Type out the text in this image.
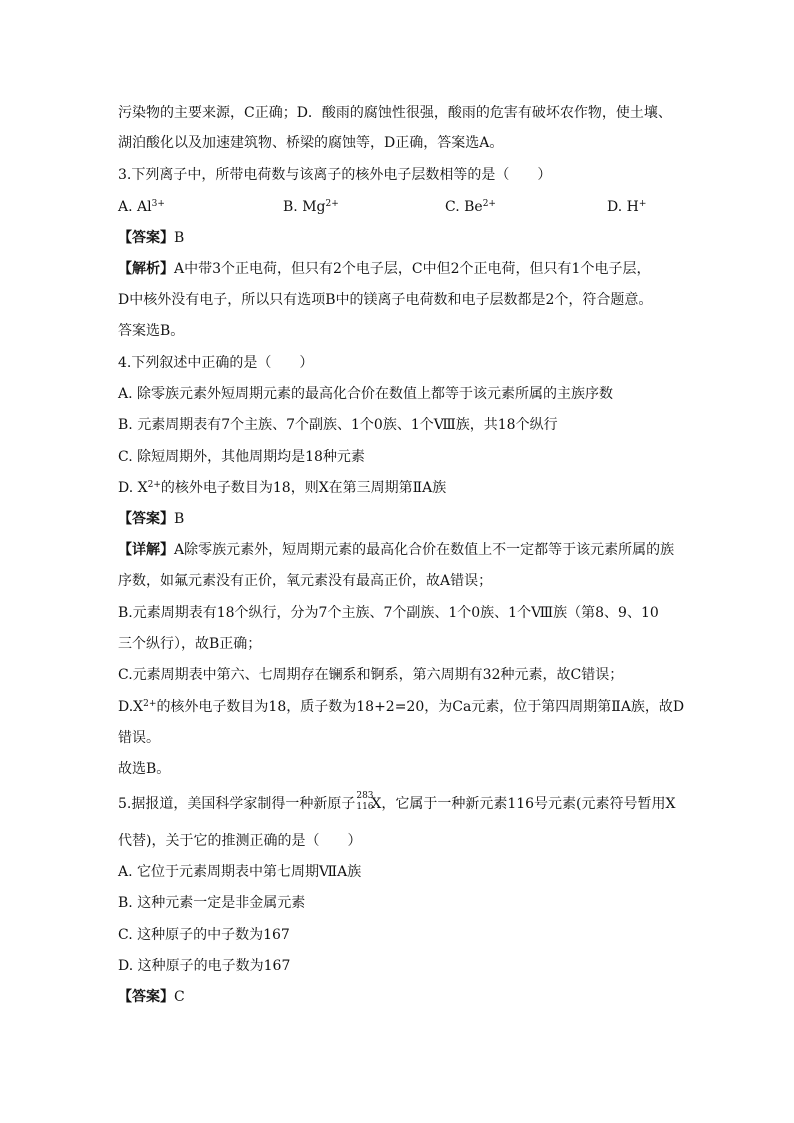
污染物的主要来源，C正确；D．酸雨的腐蚀性很强，酸雨的危害有破坏农作物，使土壤、
湖泊酸化以及加速建筑物、桥梁的腐蚀等，D正确，答案选A。
3.下列离子中，所带电荷数与该离子的核外电子层数相等的是（　　）
A. $Al^{3+}$	B. $Mg^{2+}$	C. $Be^{2+}$	D. H+
【答案】B
【解析】A中带3个正电荷，但只有2个电子层，C中但2个正电荷，但只有1个电子层，
D中核外没有电子，所以只有选项B中的镁离子电荷数和电子层数都是2个，符合题意。
答案选B。
4.下列叙述中正确的是（　　）
A. 除零族元素外短周期元素的最高化合价在数值上都等于该元素所属的主族序数
B. 元素周期表有7个主族、7个副族、1个0族、1个Ⅷ族，共18个纵行
C. 除短周期外，其他周期均是18种元素
D. $X^{2+}$的核外电子数目为18，则X在第三周期第ⅡA族
【答案】B
【详解】A除零族元素外，短周期元素的最高化合价在数值上不一定都等于该元素所属的族
序数，如氟元素没有正价，氧元素没有最高正价，故A错误；
B.元素周期表有18个纵行，分为7个主族、7个副族、1个0族、1个Ⅷ族（第8、9、10
三个纵行），故B正确；
C.元素周期表中第六、七周期存在镧系和锕系，第六周期有32种元素，故C错误；
$D.X^{2+}$的核外电子数目为18，质子数为18+2=20，为Ca元素，位于第四周期第ⅡA族，故D
错误。
故选B。
5.据报道，美国科学家制得一种新原子 283
116
X，它属于一种新元素116号元素(元素符号暂用X
代替)，关于它的推测正确的是（　　）
A. 它位于元素周期表中第七周期ⅦA族
B. 这种元素一定是非金属元素
C. 这种原子的中子数为167
D. 这种原子的电子数为167
【答案】C
